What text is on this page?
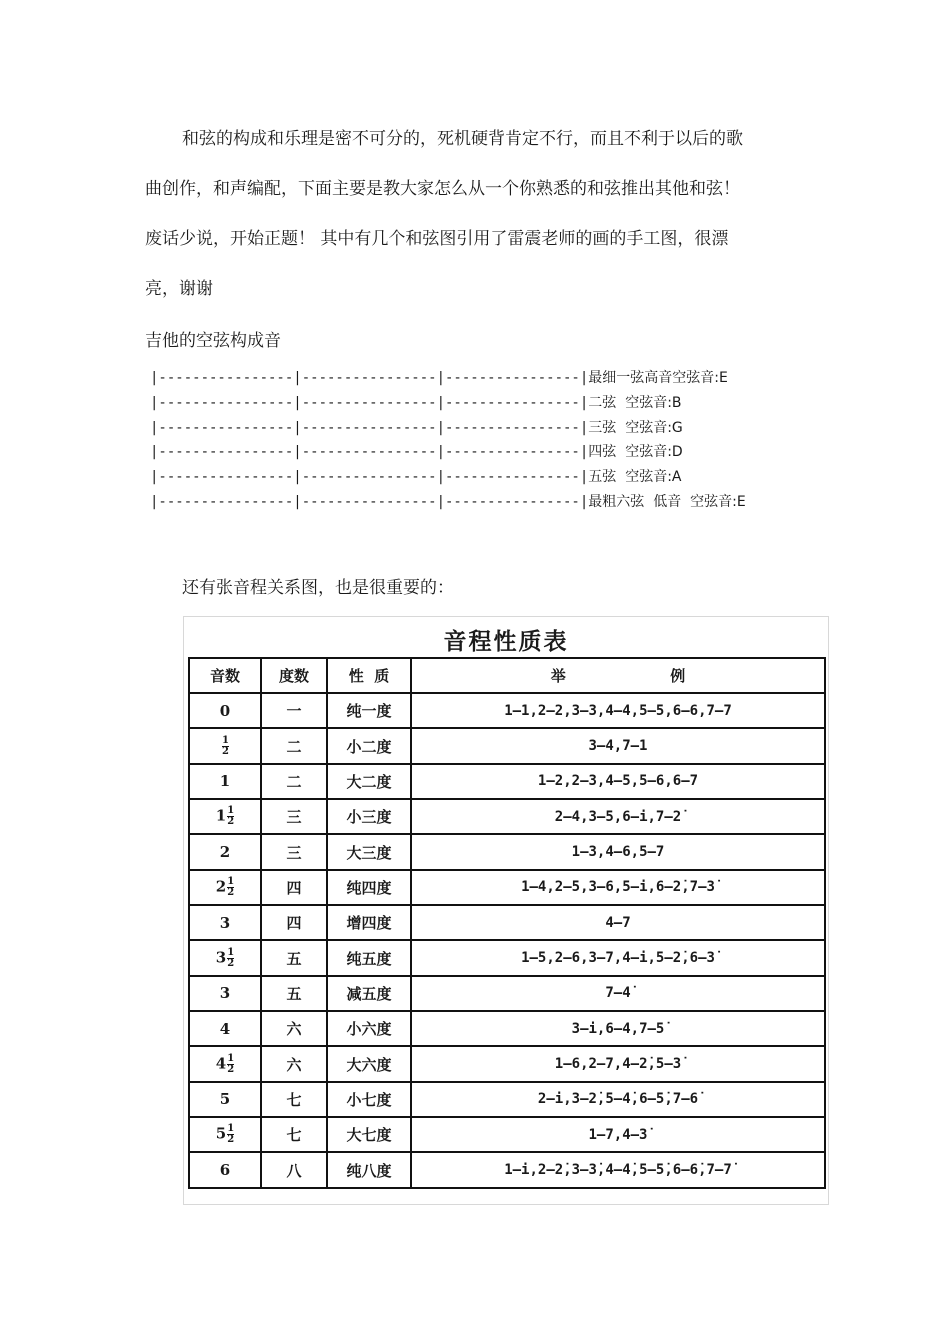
和弦的构成和乐理是密不可分的，死机硬背肯定不行，而且不利于以后的歌

曲创作，和声编配，下面主要是教大家怎么从一个你熟悉的和弦推出其他和弦！

废话少说，开始正题！ 其中有几个和弦图引用了雷震老师的画的手工图，很漂

亮，谢谢

吉他的空弦构成音

|----------------|----------------|----------------|最细一弦高音空弦音:E
|----------------|----------------|----------------|二弦  空弦音:B
|----------------|----------------|----------------|三弦  空弦音:G
|----------------|----------------|----------------|四弦  空弦音:D
|----------------|----------------|----------------|五弦  空弦音:A
|----------------|----------------|----------------|最粗六弦  低音  空弦音:E

还有张音程关系图，也是很重要的：

音程性质表
音数	度数	性  质	举                    例
0	一	纯一度	1—1,2—2,3—3,4—4,5—5,6—6,7—7

$\frac{1}{2}$	二	小二度	3—4,7—1
1	二	大二度	1—2,2—3,4—5,5—6,6—7
$1 \frac{1}{2}$	三	小三度	2—4,3—5,6—i,7—2̇
2	三	大三度	1—3,4—6,5—7
$2 \frac{1}{2}$	四	纯四度	1—4,2—5,3—6,5—i,6—2̇,7—3̇
3	四	增四度	4—7
$3 \frac{1}{2}$	五	纯五度	1—5,2—6,3—7,4—i,5—2̇,6—3̇
3	五	减五度	7—4̇
4	六	小六度	3—i,6—4,7—5̇
$4 \frac{1}{2}$	六	大六度	1—6,2—7,4—2̇,5—3̇
5	七	小七度	2—i,3—2̇,5—4̇,6—5̇,7—6̇
$5 \frac{1}{2}$	七	大七度	1—7,4—3̇
6	八	纯八度	1—i,2—2̇,3—3̇,4—4̇,5—5̇,6—6̇,7—7̇
